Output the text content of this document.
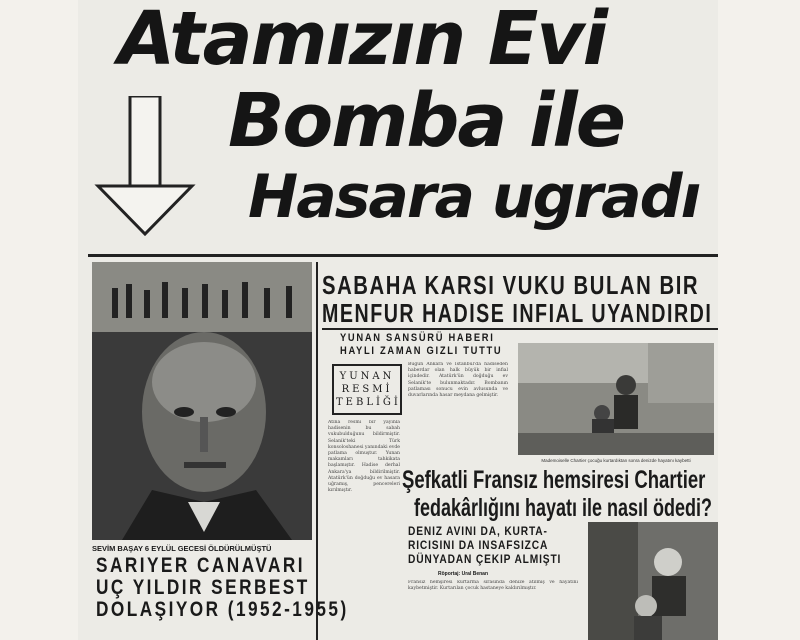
Atamızın Evi
Bomba ile
Hasara ugradı
SABAHA KARSI VUKU BULAN BIR
MENFUR HADISE INFIAL UYANDIRDI
YUNAN SANSÜRÜ HABERI
HAYLI ZAMAN GIZLI TUTTU
YUNAN
RESMİ
TEBLİĞİ

Atina resmi bir yayınla hadisenin bu sabah vukubulduğunu bildirmiştir. Selanik'teki Türk konsoloshanesi yanındaki evde patlama olmuştur. Yunan makamları tahkikata başlamıştır. Hadise derhal Ankara'ya bildirilmiştir. Atatürk'ün doğduğu ev hasara uğramış, pencereleri kırılmıştır.

Bugün Ankara ve İstanbul'da hadiseden haberdar olan halk büyük bir infial içindedir. Atatürk'ün doğduğu ev Selanik'te bulunmaktadır. Bombanın patlaması sonucu evin avlusunda ve duvarlarında hasar meydana gelmiştir.

Mademoiselle Chartier çocuğu kurtardıktan sonra denizde hayatını kaybetti
Şefkatli Fransız hemsiresi Chartier
fedakârlığını hayatı ile nasıl ödedi?
DENIZ AVINI DA, KURTA-
RICISINI DA INSAFSIZCA
DÜNYADAN ÇEKIP ALMIŞTI
Röportaj: Ural Benan

Fransız hemşiresi kurtarma sırasında denize atılmış ve hayatını kaybetmiştir. Kurtarılan çocuk hastaneye kaldırılmıştır.

SEVİM BAŞAY 6 EYLÜL GECESİ ÖLDÜRÜLMÜŞTÜ
SARIYER CANAVARI
UÇ YILDIR SERBEST
DOLAŞIYOR (1952-1955)
